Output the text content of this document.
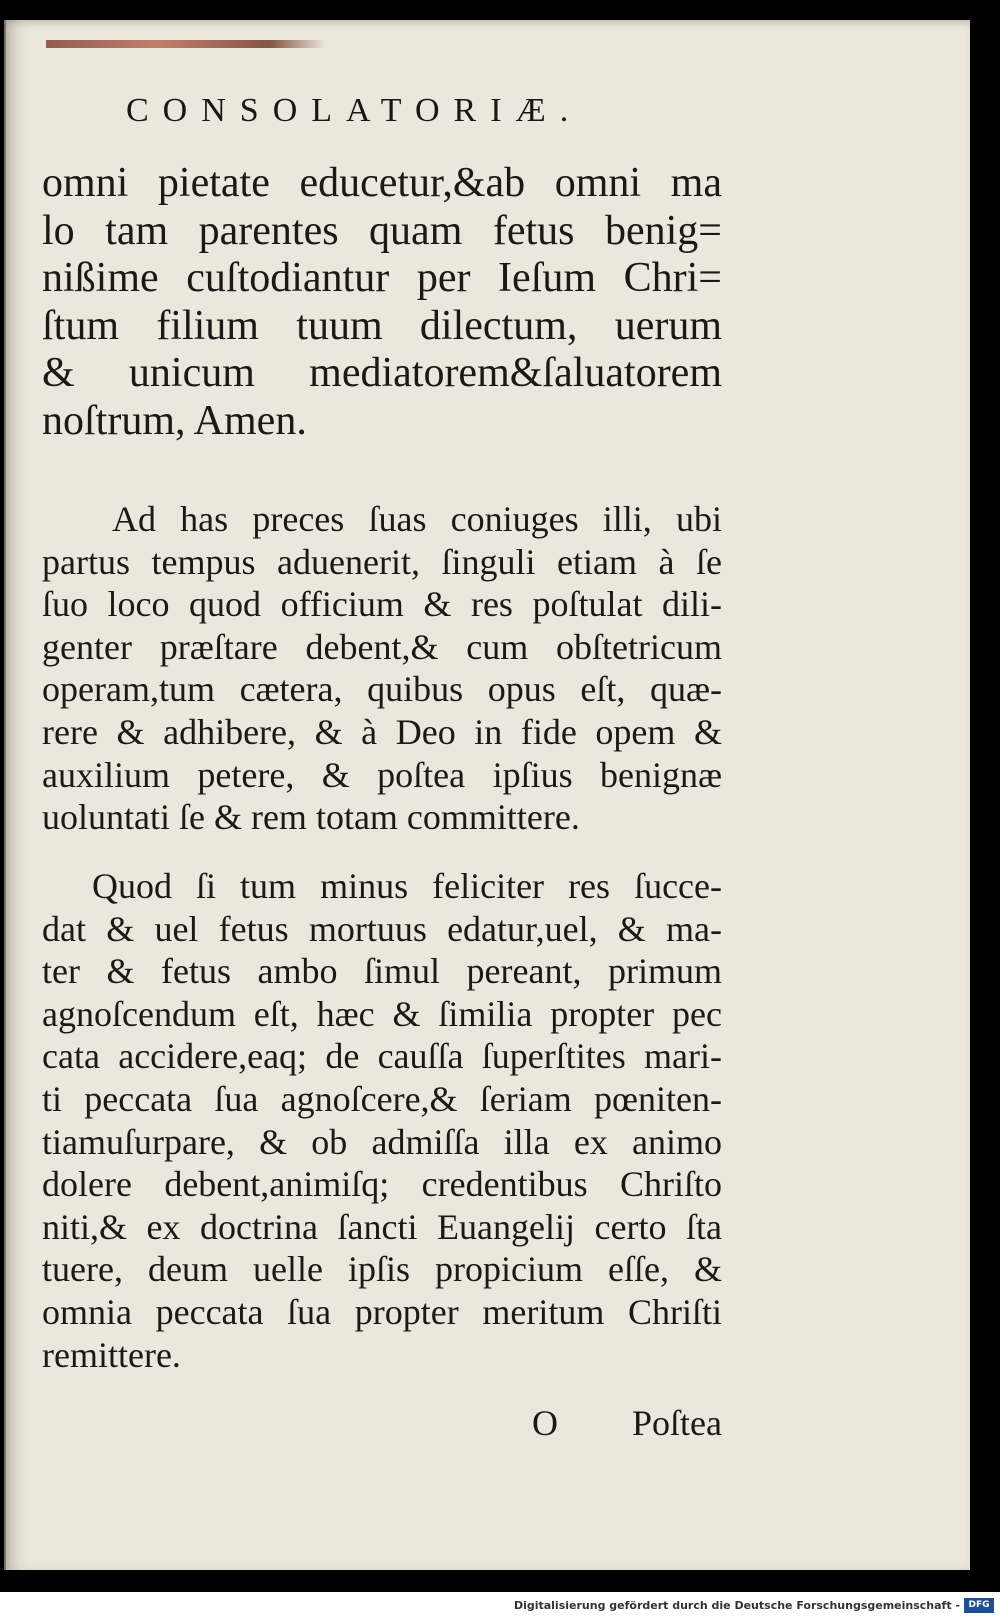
CONSOLATORIÆ.
omni pietate educetur,&ab omni ma
lo tam parentes quam fetus benig=
nißime cuſtodiantur per Ieſum Chri=
ſtum filium tuum dilectum, uerum
& unicum mediatorem&ſaluatorem
noſtrum, Amen.
Ad has preces ſuas coniuges illi, ubi
partus tempus aduenerit, ſinguli etiam à ſe
ſuo loco quod officium & res poſtulat dili-
genter præſtare debent,& cum obſtetricum
operam,tum cætera, quibus opus eſt, quæ-
rere & adhibere, & à Deo in fide opem &
auxilium petere, & poſtea ipſius benignæ
uoluntati ſe & rem totam committere.
Quod ſi tum minus feliciter res ſucce-
dat & uel fetus mortuus edatur,uel, & ma-
ter & fetus ambo ſimul pereant, primum
agnoſcendum eſt, hæc & ſimilia propter pec
cata accidere,eaq; de cauſſa ſuperſtites mari-
ti peccata ſua agnoſcere,& ſeriam pœniten-
tiamuſurpare, & ob admiſſa illa ex animo
dolere debent,animiſq; credentibus Chriſto
niti,& ex doctrina ſancti Euangelij certo ſta
tuere, deum uelle ipſis propicium eſſe, &
omnia peccata ſua propter meritum Chriſti
remittere.
O Poſtea
Digitalisierung gefördert durch die Deutsche Forschungsgemeinschaft - DFG
